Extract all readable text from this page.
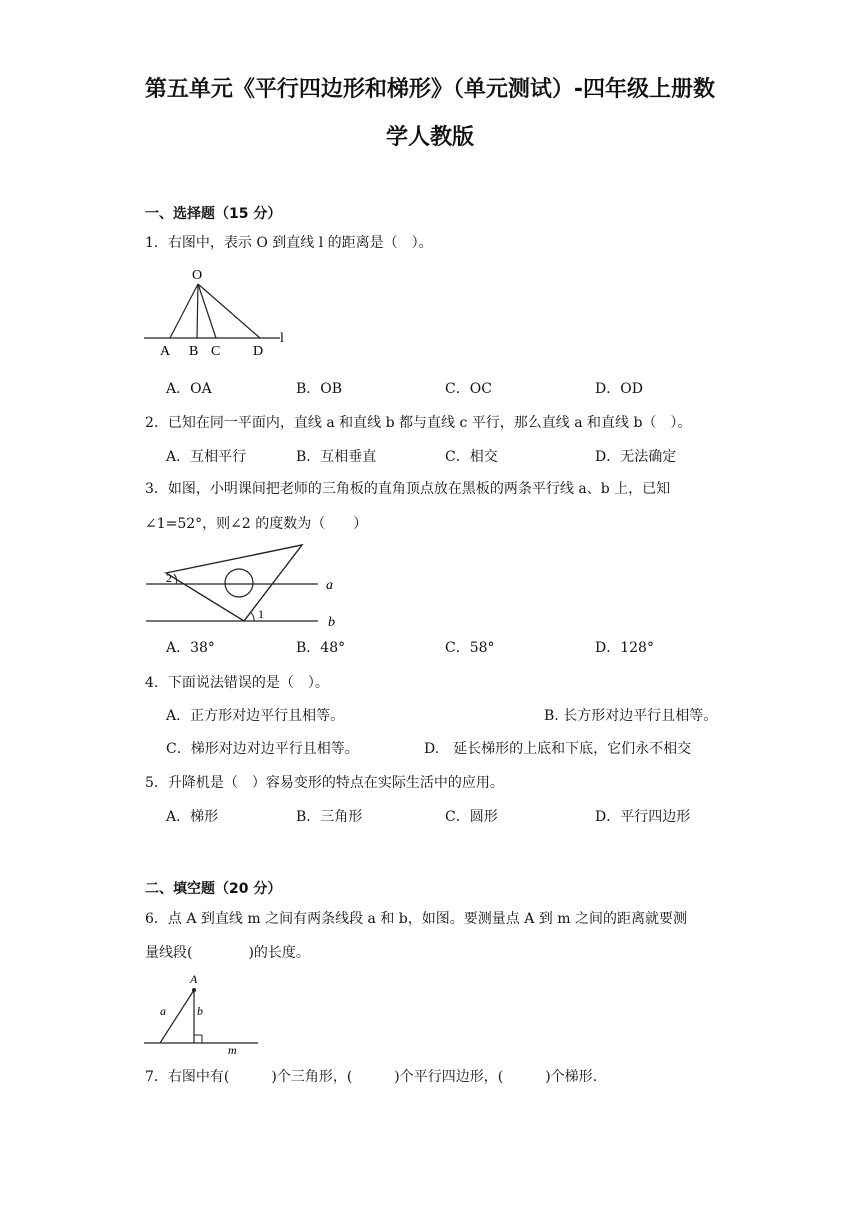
第五单元《平行四边形和梯形》（单元测试）-四年级上册数
学人教版
一、选择题（15 分）
1．右图中，表示 O 到直线 l 的距离是（　）。
O
A B C D
l
A．OA	B．OB	C．OC	D．OD
2．已知在同一平面内，直线 a 和直线 b 都与直线 c 平行，那么直线 a 和直线 b（　）。
A．互相平行	B．互相垂直	C．相交	D．无法确定
3．如图，小明课间把老师的三角板的直角顶点放在黑板的两条平行线 a、b 上，已知
∠1=52°，则∠2 的度数为（　　）
2
1
a
b
A．38°	B．48°	C．58°	D．128°
4．下面说法错误的是（　）。
A．正方形对边平行且相等。	B. 长方形对边平行且相等。
C．梯形对边对边平行且相等。	D.　延长梯形的上底和下底，它们永不相交
5．升降机是（　）容易变形的特点在实际生活中的应用。
A．梯形	B．三角形	C．圆形	D．平行四边形
二、填空题（20 分）
6．点 A 到直线 m 之间有两条线段 a 和 b，如图。要测量点 A 到 m 之间的距离就要测
量线段(　　　　)的长度。
A
a	b
m
7．右图中有(　　　)个三角形，(　　　)个平行四边形，(　　　)个梯形.
